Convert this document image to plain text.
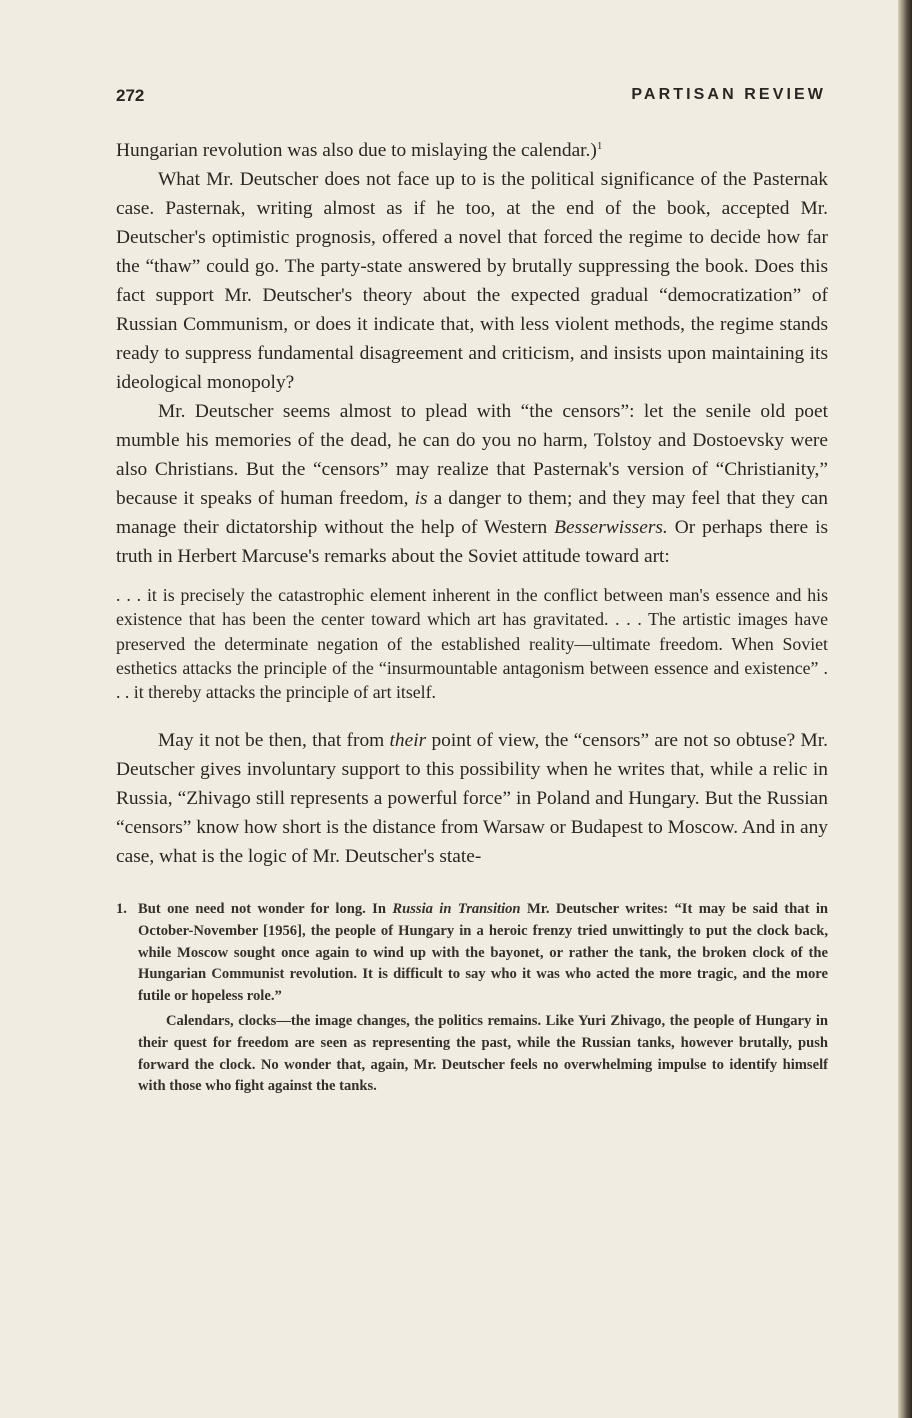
272	PARTISAN REVIEW

Hungarian revolution was also due to mislaying the calendar.)$^1$

What Mr. Deutscher does not face up to is the political significance of the Pasternak case. Pasternak, writing almost as if he too, at the end of the book, accepted Mr. Deutscher's optimistic prognosis, offered a novel that forced the regime to decide how far the “thaw” could go. The party-state answered by brutally suppressing the book. Does this fact support Mr. Deutscher's theory about the expected gradual “democratization” of Russian Communism, or does it indicate that, with less violent methods, the regime stands ready to suppress fundamental disagreement and criticism, and insists upon maintaining its ideological monopoly?

Mr. Deutscher seems almost to plead with “the censors”: let the senile old poet mumble his memories of the dead, he can do you no harm, Tolstoy and Dostoevsky were also Christians. But the “censors” may realize that Pasternak's version of “Christianity,” because it speaks of human freedom, is a danger to them; and they may feel that they can manage their dictatorship without the help of Western Besserwissers. Or perhaps there is truth in Herbert Marcuse's remarks about the Soviet attitude toward art:

. . . it is precisely the catastrophic element inherent in the conflict between man's essence and his existence that has been the center toward which art has gravitated. . . . The artistic images have preserved the determinate negation of the established reality—ultimate freedom. When Soviet esthetics attacks the principle of the “insurmountable antagonism between essence and existence” . . . it thereby attacks the principle of art itself.

May it not be then, that from their point of view, the “censors” are not so obtuse? Mr. Deutscher gives involuntary support to this possibility when he writes that, while a relic in Russia, “Zhivago still represents a powerful force” in Poland and Hungary. But the Russian “censors” know how short is the distance from Warsaw or Budapest to Moscow. And in any case, what is the logic of Mr. Deutscher's state-

1. But one need not wonder for long. In Russia in Transition Mr. Deutscher writes: “It may be said that in October-November [1956], the people of Hungary in a heroic frenzy tried unwittingly to put the clock back, while Moscow sought once again to wind up with the bayonet, or rather the tank, the broken clock of the Hungarian Communist revolution. It is difficult to say who it was who acted the more tragic, and the more futile or hopeless role.”

Calendars, clocks—the image changes, the politics remains. Like Yuri Zhivago, the people of Hungary in their quest for freedom are seen as representing the past, while the Russian tanks, however brutally, push forward the clock. No wonder that, again, Mr. Deutscher feels no overwhelming impulse to identify himself with those who fight against the tanks.
